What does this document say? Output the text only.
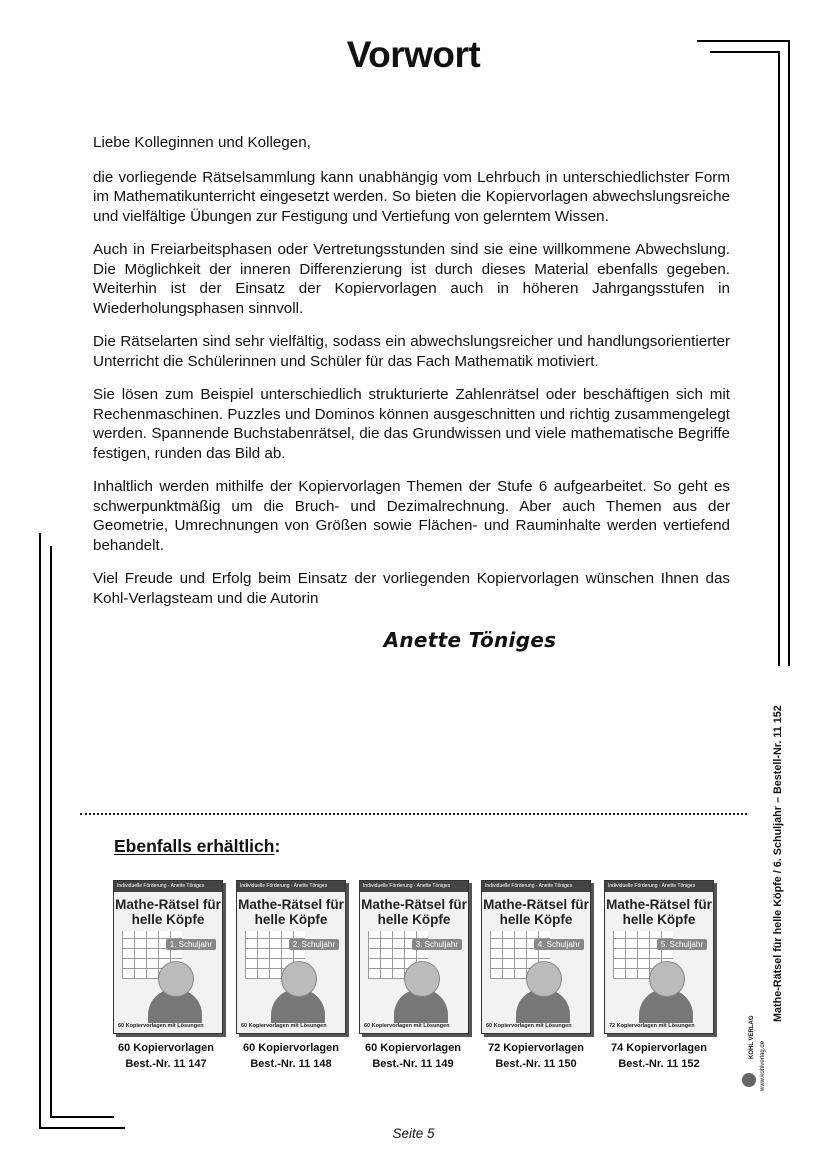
Vorwort

Liebe Kolleginnen und Kollegen,

die vorliegende Rätselsammlung kann unabhängig vom Lehrbuch in unterschiedlichster Form im Mathematikunterricht eingesetzt werden. So bieten die Kopiervorlagen abwechslungsreiche und vielfältige Übungen zur Festigung und Vertiefung von gelerntem Wissen.

Auch in Freiarbeitsphasen oder Vertretungsstunden sind sie eine willkommene Abwechslung. Die Möglichkeit der inneren Differenzierung ist durch dieses Material ebenfalls gegeben. Weiterhin ist der Einsatz der Kopiervorlagen auch in höheren Jahrgangsstufen in Wiederholungsphasen sinnvoll.

Die Rätselarten sind sehr vielfältig, sodass ein abwechslungsreicher und handlungsorientierter Unterricht die Schülerinnen und Schüler für das Fach Mathematik motiviert.

Sie lösen zum Beispiel unterschiedlich strukturierte Zahlenrätsel oder beschäftigen sich mit Rechenmaschinen. Puzzles und Dominos können ausgeschnitten und richtig zusammengelegt werden. Spannende Buchstabenrätsel, die das Grundwissen und viele mathematische Begriffe festigen, runden das Bild ab.

Inhaltlich werden mithilfe der Kopiervorlagen Themen der Stufe 6 aufgearbeitet. So geht es schwerpunktmäßig um die Bruch- und Dezimalrechnung. Aber auch Themen aus der Geometrie, Umrechnungen von Größen sowie Flächen- und Rauminhalte werden vertiefend behandelt.

Viel Freude und Erfolg beim Einsatz der vorliegenden Kopiervorlagen wünschen Ihnen das Kohl-Verlagsteam und die Autorin

Anette Töniges
Ebenfalls erhältlich:
Individuelle Förderung · Anette Töniges
Mathe-Rätsel für helle Köpfe
1. Schuljahr
60 Kopiervorlagen mit Lösungen
Individuelle Förderung · Anette Töniges
Mathe-Rätsel für helle Köpfe
2. Schuljahr
60 Kopiervorlagen mit Lösungen
Individuelle Förderung · Anette Töniges
Mathe-Rätsel für helle Köpfe
3. Schuljahr
60 Kopiervorlagen mit Lösungen
Individuelle Förderung · Anette Töniges
Mathe-Rätsel für helle Köpfe
4. Schuljahr
60 Kopiervorlagen mit Lösungen
Individuelle Förderung · Anette Töniges
Mathe-Rätsel für helle Köpfe
5. Schuljahr
72 Kopiervorlagen mit Lösungen
60 Kopiervorlagen
Best.-Nr. 11 147
60 Kopiervorlagen
Best.-Nr. 11 148
60 Kopiervorlagen
Best.-Nr. 11 149
72 Kopiervorlagen
Best.-Nr. 11 150
74 Kopiervorlagen
Best.-Nr. 11 152
Mathe-Rätsel für helle Köpfe / 6. Schuljahr – Bestell-Nr. 11 152
KOHL VERLAG
www.kohlverlag.de
Seite 5
